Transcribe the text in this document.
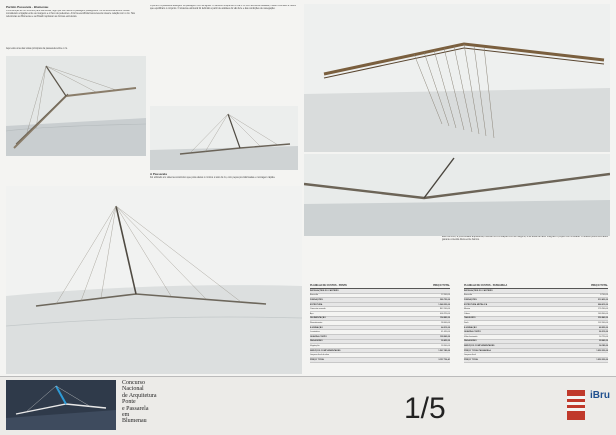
Partido Passarela - Blumenau
A construção de um símbolo para Blumenau, algo que vai marcar a paisagem paisagística. Os dimensionamentos iniciais consideram a ligação entre as margens e o fluxo de pedestres. A forma escolhida busca leveza visual e relação com o rio. Tais referências ao Blumenau e ao Brasil inspiraram as formas estruturais.
Aqui está uma das vistas principais da passarela sobre o rio.
A ponte é a passarela dialogam na paisagem com as águas. O tabuleiro suspenso cruza o rio com estrutura estaiada, mastro inclinado e cabos que equilibram o conjunto. O sistema estrutural foi definido a partir de análises do vão livre e das condições de navegação.
A Passarela
Foi utilizado um sistema construtivo que pode afetar o mínimo o leito do rio, com peças pré-fabricadas e montagem rápida.
Este conforto, a proximidade arquitetural, imita ao rio e a relação com as margens, e as áreas de lazer integram o projeto com a cidade. O acesso pelos dois lados garante conexão direta entre bairros.
PLANILHA DE CUSTOS - PONTE	PREÇO TOTAL
INSTALAÇÕES DO CANTEIRO
Barracão	12.540,00
FUNDAÇÕES	386.750,00
ESTRUTURA	1.248.320,00
Concreto armado	842.100,00
Aço	406.220,00
PAVIMENTAÇÃO	154.880,00
Revestimento	98.400,00
ILUMINAÇÃO	64.210,00
Luminárias	41.030,00
GUARDA-CORPO	128.960,00
PAISAGISMO	36.450,00
Vegetação	18.900,00
SERVIÇOS COMPLEMENTARES	1.267.180,00
Limpeza final da obra
PREÇO TOTAL	3.157.736,41
PLANILHA DE CUSTOS - PASSARELA	PREÇO TOTAL
INSTALAÇÕES DO CANTEIRO
Barracão	8.740,00
FUNDAÇÕES	212.430,00
ESTRUTURA METÁLICA	984.610,00
Mastro	176.200,00
Cabos	148.300,00
TABULEIRO	356.840,00
Deck	102.500,00
ILUMINAÇÃO	48.920,00
GUARDA-CORPO	96.310,00
Vidro laminado	54.720,00
PAISAGISMO	28.640,00
SERVIÇOS COMPLEMENTARES	34.180,00
PREÇO TOTAL PASSARELA	1.952.330,00
Limpeza final
PREÇO TOTAL	1.952.330,00
Concurso
Nacional
de Arquitetura
Ponte
e Passarela
em
Blumenau	1/5	iBru
